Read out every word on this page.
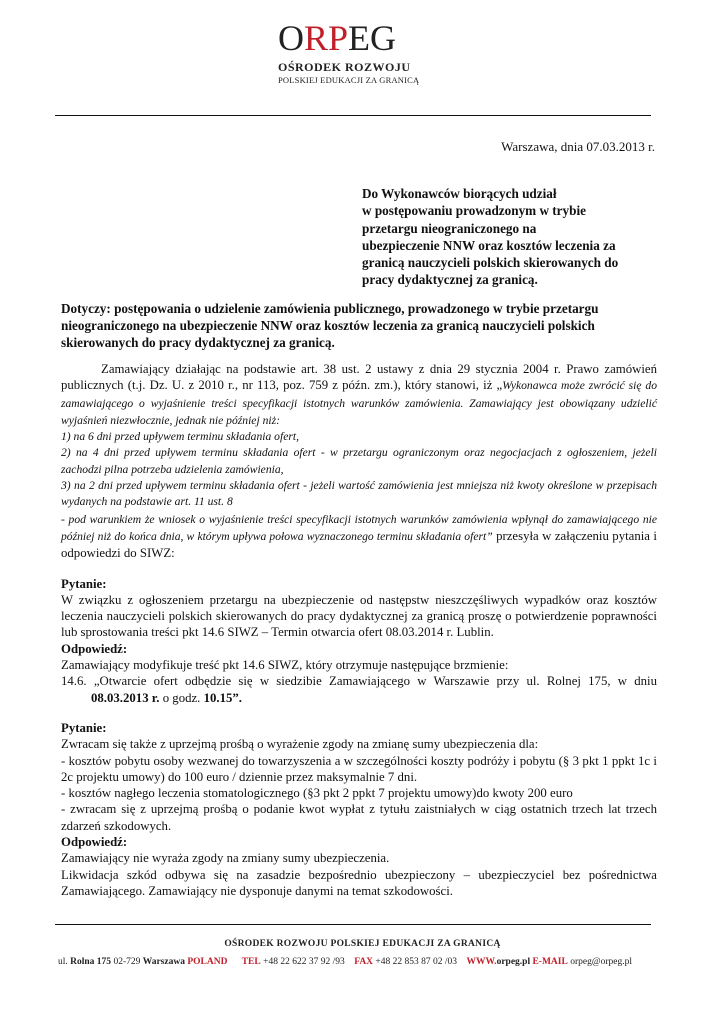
ORPEG
OŚRODEK ROZWOJU
POLSKIEJ EDUKACJI ZA GRANICĄ
Warszawa, dnia 07.03.2013 r.
Do Wykonawców biorących udział
w postępowaniu prowadzonym w trybie
przetargu nieograniczonego na
ubezpieczenie NNW oraz kosztów leczenia za
granicą nauczycieli polskich skierowanych do
pracy dydaktycznej za granicą.
Dotyczy: postępowania o udzielenie zamówienia publicznego, prowadzonego w trybie przetargu nieograniczonego na ubezpieczenie NNW oraz kosztów leczenia za granicą nauczycieli polskich skierowanych do pracy dydaktycznej za granicą.

Zamawiający działając na podstawie art. 38 ust. 2 ustawy z dnia 29 stycznia 2004 r. Prawo zamówień publicznych (t.j. Dz. U. z 2010 r., nr 113, poz. 759 z późn. zm.), który stanowi, iż „Wykonawca może zwrócić się do zamawiającego o wyjaśnienie treści specyfikacji istotnych warunków zamówienia. Zamawiający jest obowiązany udzielić wyjaśnień niezwłocznie, jednak nie później niż:

1) na 6 dni przed upływem terminu składania ofert,

2) na 4 dni przed upływem terminu składania ofert - w przetargu ograniczonym oraz negocjacjach z ogłoszeniem, jeżeli zachodzi pilna potrzeba udzielenia zamówienia,

3) na 2 dni przed upływem terminu składania ofert - jeżeli wartość zamówienia jest mniejsza niż kwoty określone w przepisach wydanych na podstawie art. 11 ust. 8

- pod warunkiem że wniosek o wyjaśnienie treści specyfikacji istotnych warunków zamówienia wpłynął do zamawiającego nie później niż do końca dnia, w którym upływa połowa wyznaczonego terminu składania ofert” przesyła w załączeniu pytania i odpowiedzi do SIWZ:

Pytanie:

W związku z ogłoszeniem przetargu na ubezpieczenie od następstw nieszczęśliwych wypadków oraz kosztów leczenia nauczycieli polskich skierowanych do pracy dydaktycznej za granicą proszę o potwierdzenie poprawności lub sprostowania treści pkt 14.6 SIWZ – Termin otwarcia ofert 08.03.2014 r. Lublin.

Odpowiedź:

Zamawiający modyfikuje treść pkt 14.6 SIWZ, który otrzymuje następujące brzmienie:

14.6. „Otwarcie ofert odbędzie się w siedzibie Zamawiającego w Warszawie przy ul. Rolnej 175, w dniu 08.03.2013 r. o godz. 10.15”.

Pytanie:

Zwracam się także z uprzejmą prośbą o wyrażenie zgody na zmianę sumy ubezpieczenia dla:

- kosztów pobytu osoby wezwanej do towarzyszenia a w szczególności koszty podróży i pobytu (§ 3 pkt 1 ppkt 1c i 2c projektu umowy) do 100 euro / dziennie przez maksymalnie 7 dni.

- kosztów nagłego leczenia stomatologicznego (§3 pkt 2 ppkt 7 projektu umowy)do kwoty 200 euro

- zwracam się z uprzejmą prośbą o podanie kwot wypłat z tytułu zaistniałych w ciąg ostatnich trzech lat trzech zdarzeń szkodowych.

Odpowiedź:

Zamawiający nie wyraża zgody na zmiany sumy ubezpieczenia.

Likwidacja szkód odbywa się na zasadzie bezpośrednio ubezpieczony – ubezpieczyciel bez pośrednictwa Zamawiającego. Zamawiający nie dysponuje danymi na temat szkodowości.

OŚRODEK ROZWOJU POLSKIEJ EDUKACJI ZA GRANICĄ
ul. Rolna 175 02-729 Warszawa POLAND TEL +48 22 622 37 92 /93 FAX +48 22 853 87 02 /03 WWW.orpeg.pl E-MAIL orpeg@orpeg.pl
